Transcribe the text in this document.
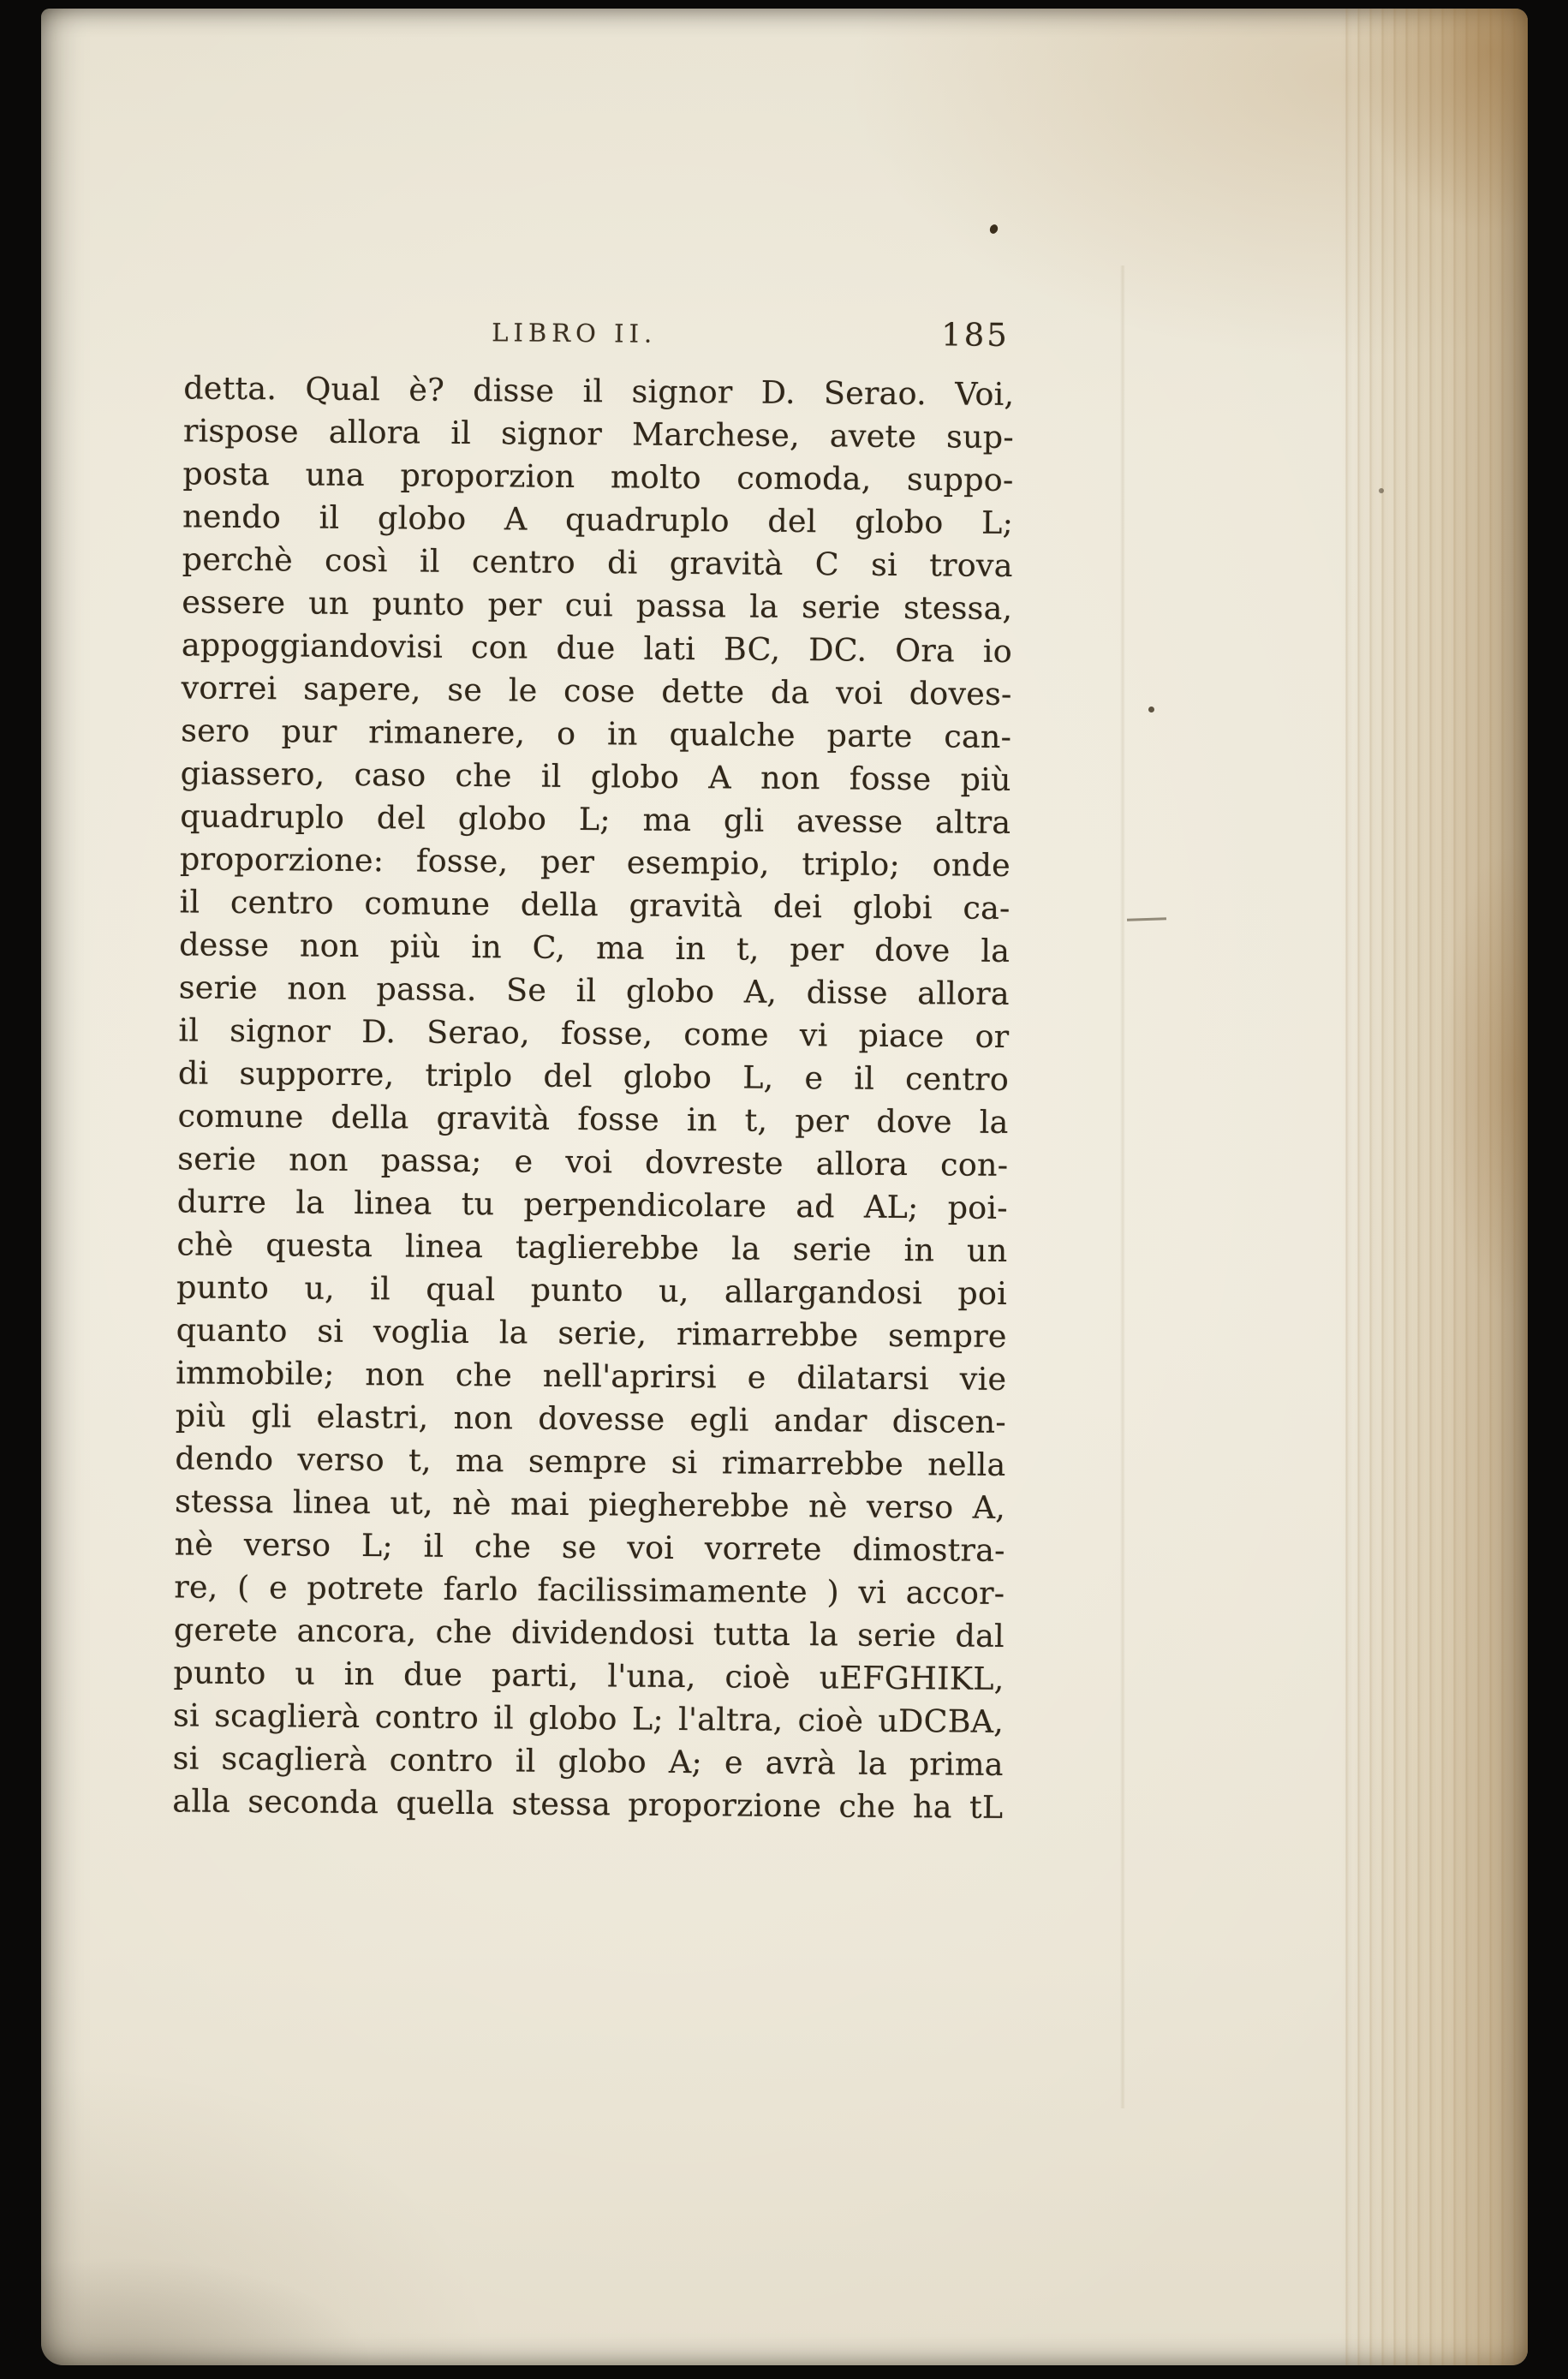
LIBRO II.	185
detta. Qual è? disse il signor D. Serao. Voi,
rispose allora il signor Marchese, avete sup-
posta una proporzion molto comoda, suppo-
nendo il globo A quadruplo del globo L;
perchè così il centro di gravità C si trova
essere un punto per cui passa la serie stessa,
appoggiandovisi con due lati BC, DC. Ora io
vorrei sapere, se le cose dette da voi doves-
sero pur rimanere, o in qualche parte can-
giassero, caso che il globo A non fosse più
quadruplo del globo L; ma gli avesse altra
proporzione: fosse, per esempio, triplo; onde
il centro comune della gravità dei globi ca-
desse non più in C, ma in t, per dove la
serie non passa. Se il globo A, disse allora
il signor D. Serao, fosse, come vi piace or
di supporre, triplo del globo L, e il centro
comune della gravità fosse in t, per dove la
serie non passa; e voi dovreste allora con-
durre la linea tu perpendicolare ad AL; poi-
chè questa linea taglierebbe la serie in un
punto u, il qual punto u, allargandosi poi
quanto si voglia la serie, rimarrebbe sempre
immobile; non che nell'aprirsi e dilatarsi vie
più gli elastri, non dovesse egli andar discen-
dendo verso t, ma sempre si rimarrebbe nella
stessa linea ut, nè mai piegherebbe nè verso A,
nè verso L; il che se voi vorrete dimostra-
re, ( e potrete farlo facilissimamente ) vi accor-
gerete ancora, che dividendosi tutta la serie dal
punto u in due parti, l'una, cioè uEFGHIKL,
si scaglierà contro il globo L; l'altra, cioè uDCBA,
si scaglierà contro il globo A; e avrà la prima
alla seconda quella stessa proporzione che ha tL
